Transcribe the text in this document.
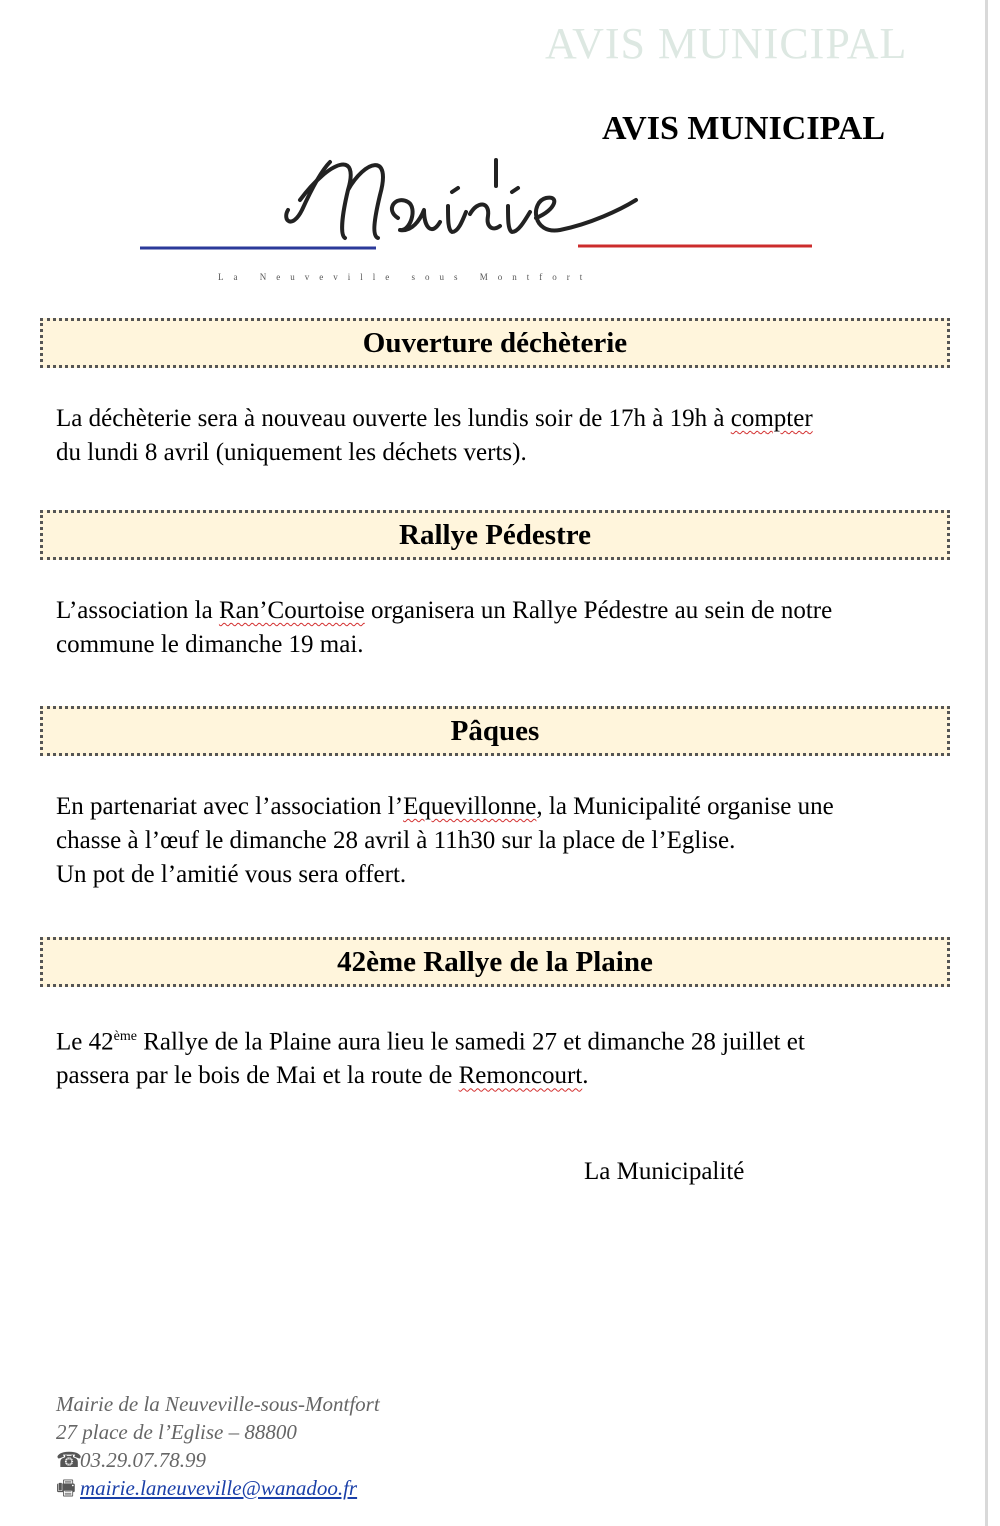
AVIS MUNICIPAL
AVIS MUNICIPAL
La Neuveville sous Montfort
Ouverture déchèterie

La déchèterie sera à nouveau ouverte les lundis soir de 17h à 19h à compter

du lundi 8 avril (uniquement les déchets verts).

Rallye Pédestre

L’association la Ran’Courtoise organisera un Rallye Pédestre au sein de notre

commune le dimanche 19 mai.

Pâques

En partenariat avec l’association l’Equevillonne, la Municipalité organise une

chasse à l’œuf le dimanche 28 avril à 11h30 sur la place de l’Eglise.

Un pot de l’amitié vous sera offert.

42ème Rallye de la Plaine

Le 42ème Rallye de la Plaine aura lieu le samedi 27 et dimanche 28 juillet et

passera par le bois de Mai et la route de Remoncourt.

La Municipalité
Mairie de la Neuveville-sous-Montfort
27 place de l’Eglise – 88800
☎03.29.07.78.99
🖷 mairie.laneuveville@wanadoo.fr
